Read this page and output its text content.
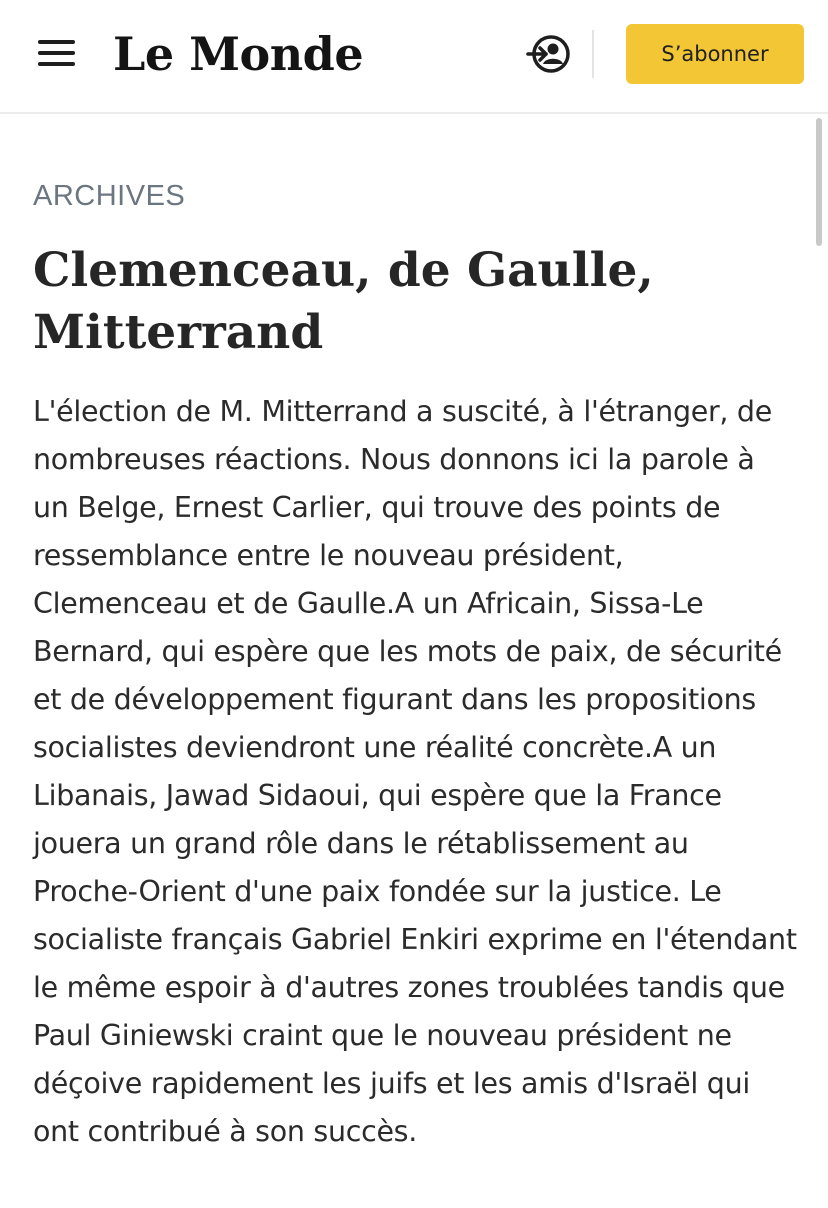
Le Monde	S’abonner
ARCHIVES
Clemenceau, de Gaulle, Mitterrand

L'élection de M. Mitterrand a suscité, à l'étranger, de nombreuses réactions. Nous donnons ici la parole à un Belge, Ernest Carlier, qui trouve des points de ressemblance entre le nouveau président, Clemenceau et de Gaulle.A un Africain, Sissa-Le Bernard, qui espère que les mots de paix, de sécurité et de développement figurant dans les propositions socialistes deviendront une réalité concrète.A un Libanais, Jawad Sidaoui, qui espère que la France jouera un grand rôle dans le rétablissement au Proche-Orient d'une paix fondée sur la justice. Le socialiste français Gabriel Enkiri exprime en l'étendant le même espoir à d'autres zones troublées tandis que Paul Giniewski craint que le nouveau président ne déçoive rapidement les juifs et les amis d'Israël qui ont contribué à son succès.
